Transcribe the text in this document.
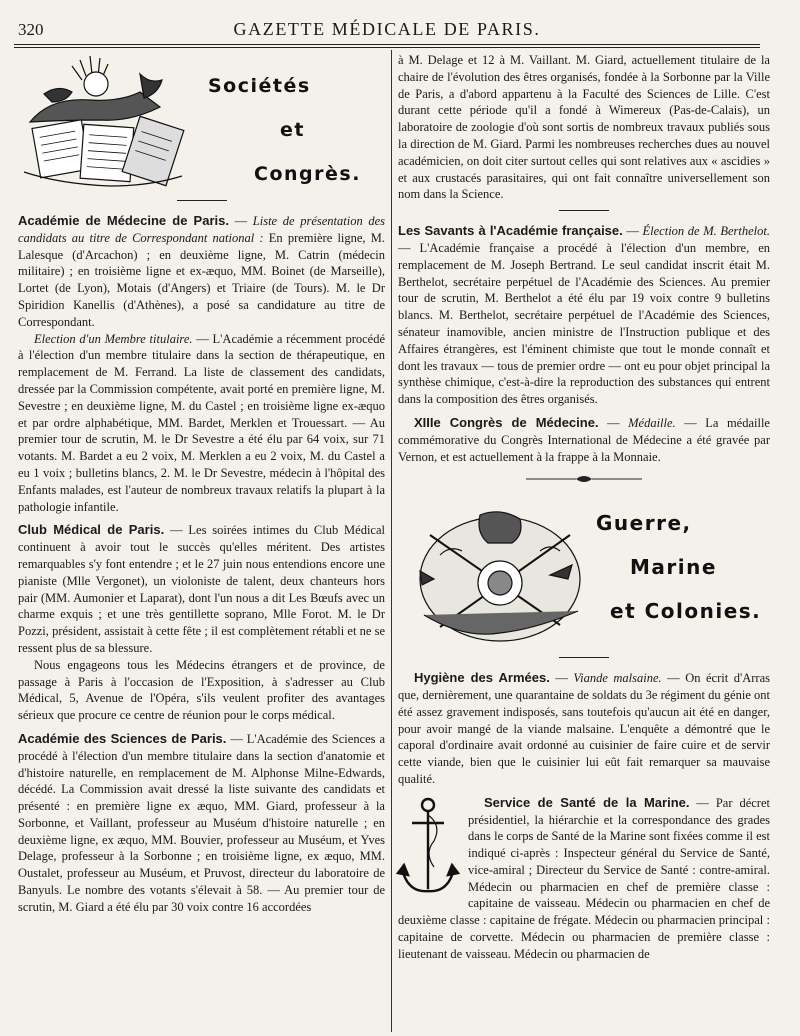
320	GAZETTE MÉDICALE DE PARIS.
Sociétés
et
Congrès.

Académie de Médecine de Paris. — Liste de présentation des candidats au titre de Correspondant national : En première ligne, M. Lalesque (d'Arcachon) ; en deuxième ligne, M. Catrin (médecin militaire) ; en troisième ligne et ex-æquo, MM. Boinet (de Marseille), Lortet (de Lyon), Motais (d'Angers) et Triaire (de Tours). M. le Dr Spiridion Kanellis (d'Athènes), a posé sa candidature au titre de Correspondant.

Election d'un Membre titulaire. — L'Académie a récemment procédé à l'élection d'un membre titulaire dans la section de thérapeutique, en remplacement de M. Ferrand. La liste de classement des candidats, dressée par la Commission compétente, avait porté en première ligne, M. Sevestre ; en deuxième ligne, M. du Castel ; en troisième ligne ex-æquo et par ordre alphabétique, MM. Bardet, Merklen et Trouessart. — Au premier tour de scrutin, M. le Dr Sevestre a été élu par 64 voix, sur 71 votants. M. Bardet a eu 2 voix, M. Merklen a eu 2 voix, M. du Castel a eu 1 voix ; bulletins blancs, 2. M. le Dr Sevestre, médecin à l'hôpital des Enfants malades, est l'auteur de nombreux travaux relatifs la plupart à la pathologie infantile.

Club Médical de Paris. — Les soirées intimes du Club Médical continuent à avoir tout le succès qu'elles méritent. Des artistes remarquables s'y font entendre ; et le 27 juin nous entendions encore une pianiste (Mlle Vergonet), un violoniste de talent, deux chanteurs hors pair (MM. Aumonier et Laparat), dont l'un nous a dit Les Bœufs avec un charme exquis ; et une très gentillette soprano, Mlle Forot. M. le Dr Pozzi, président, assistait à cette fête ; il est complètement rétabli et ne se ressent plus de sa blessure.

Nous engageons tous les Médecins étrangers et de province, de passage à Paris à l'occasion de l'Exposition, à s'adresser au Club Médical, 5, Avenue de l'Opéra, s'ils veulent profiter des avantages sérieux que procure ce centre de réunion pour le corps médical.

Académie des Sciences de Paris. — L'Académie des Sciences a procédé à l'élection d'un membre titulaire dans la section d'anatomie et d'histoire naturelle, en remplacement de M. Alphonse Milne-Edwards, décédé. La Commission avait dressé la liste suivante des candidats et présenté : en première ligne ex æquo, MM. Giard, professeur à la Sorbonne, et Vaillant, professeur au Muséum d'histoire naturelle ; en deuxième ligne, ex æquo, MM. Bouvier, professeur au Muséum, et Yves Delage, professeur à la Sorbonne ; en troisième ligne, ex æquo, MM. Oustalet, professeur au Muséum, et Pruvost, directeur du laboratoire de Banyuls. Le nombre des votants s'élevait à 58. — Au premier tour de scrutin, M. Giard a été élu par 30 voix contre 16 accordées

à M. Delage et 12 à M. Vaillant. M. Giard, actuellement titulaire de la chaire de l'évolution des êtres organisés, fondée à la Sorbonne par la Ville de Paris, a d'abord appartenu à la Faculté des Sciences de Lille. C'est durant cette période qu'il a fondé à Wimereux (Pas-de-Calais), un laboratoire de zoologie d'où sont sortis de nombreux travaux publiés sous la direction de M. Giard. Parmi les nombreuses recherches dues au nouvel académicien, on doit citer surtout celles qui sont relatives aux « ascidies » et aux crustacés parasitaires, qui ont fait connaître universellement son nom dans la Science.

Les Savants à l'Académie française. — Élection de M. Berthelot. — L'Académie française a procédé à l'élection d'un membre, en remplacement de M. Joseph Bertrand. Le seul candidat inscrit était M. Berthelot, secrétaire perpétuel de l'Académie des Sciences. Au premier tour de scrutin, M. Berthelot a été élu par 19 voix contre 9 bulletins blancs. M. Berthelot, secrétaire perpétuel de l'Académie des Sciences, sénateur inamovible, ancien ministre de l'Instruction publique et des Affaires étrangères, est l'éminent chimiste que tout le monde connaît et dont les travaux — tous de premier ordre — ont eu pour objet principal la synthèse chimique, c'est-à-dire la reproduction des substances qui entrent dans la composition des êtres organisés.

XIIIe Congrès de Médecine. — Médaille. — La médaille commémorative du Congrès International de Médecine a été gravée par Vernon, et est actuellement à la frappe à la Monnaie.

Guerre,
Marine
et Colonies.

Hygiène des Armées. — Viande malsaine. — On écrit d'Arras que, dernièrement, une quarantaine de soldats du 3e régiment du génie ont été assez gravement indisposés, sans toutefois qu'aucun ait été en danger, pour avoir mangé de la viande malsaine. L'enquête a démontré que le caporal d'ordinaire avait ordonné au cuisinier de faire cuire et de servir cette viande, bien que le cuisinier lui eût fait remarquer sa mauvaise qualité.

Service de Santé de la Marine. — Par décret présidentiel, la hiérarchie et la correspondance des grades dans le corps de Santé de la Marine sont fixées comme il est indiqué ci-après : Inspecteur général du Service de Santé, vice-amiral ; Directeur du Service de Santé : contre-amiral. Médecin ou pharmacien en chef de première classe : capitaine de vaisseau. Médecin ou pharmacien en chef de deuxième classe : capitaine de frégate. Médecin ou pharmacien principal : capitaine de corvette. Médecin ou pharmacien de première classe : lieutenant de vaisseau. Médecin ou pharmacien de
